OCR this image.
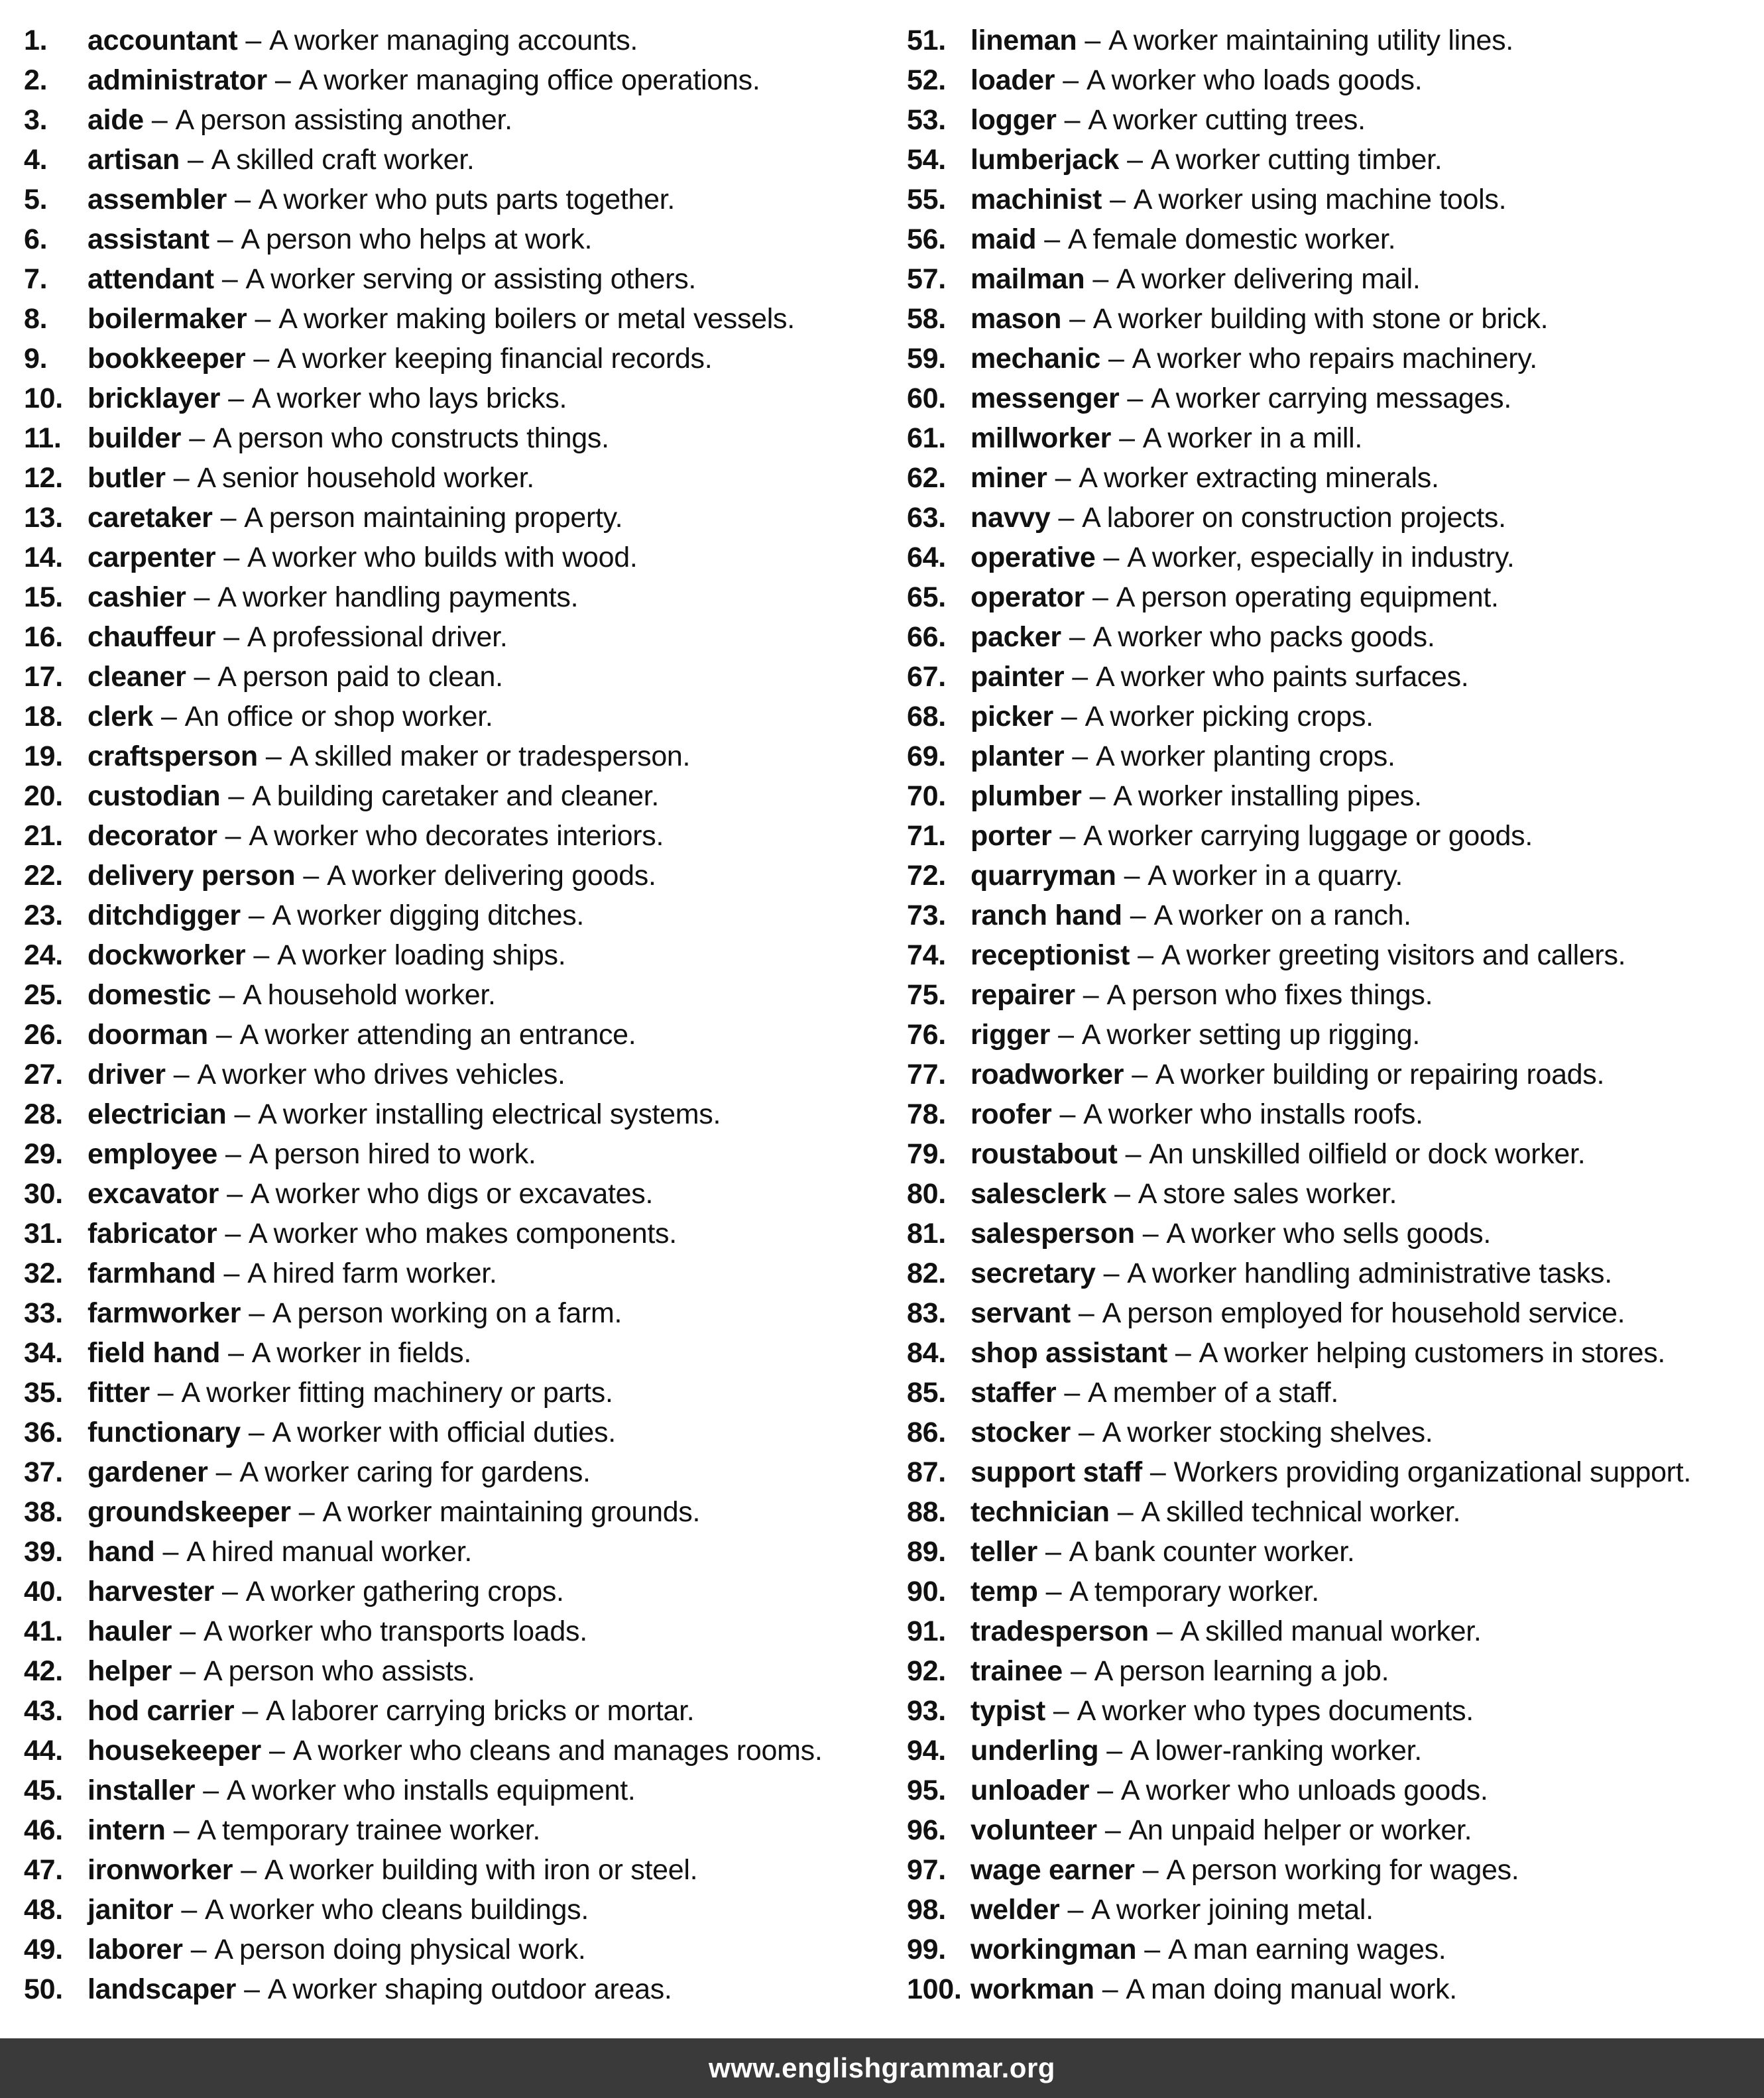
1. accountant – A worker managing accounts.
2. administrator – A worker managing office operations.
3. aide – A person assisting another.
4. artisan – A skilled craft worker.
5. assembler – A worker who puts parts together.
6. assistant – A person who helps at work.
7. attendant – A worker serving or assisting others.
8. boilermaker – A worker making boilers or metal vessels.
9. bookkeeper – A worker keeping financial records.
10. bricklayer – A worker who lays bricks.
11. builder – A person who constructs things.
12. butler – A senior household worker.
13. caretaker – A person maintaining property.
14. carpenter – A worker who builds with wood.
15. cashier – A worker handling payments.
16. chauffeur – A professional driver.
17. cleaner – A person paid to clean.
18. clerk – An office or shop worker.
19. craftsperson – A skilled maker or tradesperson.
20. custodian – A building caretaker and cleaner.
21. decorator – A worker who decorates interiors.
22. delivery person – A worker delivering goods.
23. ditchdigger – A worker digging ditches.
24. dockworker – A worker loading ships.
25. domestic – A household worker.
26. doorman – A worker attending an entrance.
27. driver – A worker who drives vehicles.
28. electrician – A worker installing electrical systems.
29. employee – A person hired to work.
30. excavator – A worker who digs or excavates.
31. fabricator – A worker who makes components.
32. farmhand – A hired farm worker.
33. farmworker – A person working on a farm.
34. field hand – A worker in fields.
35. fitter – A worker fitting machinery or parts.
36. functionary – A worker with official duties.
37. gardener – A worker caring for gardens.
38. groundskeeper – A worker maintaining grounds.
39. hand – A hired manual worker.
40. harvester – A worker gathering crops.
41. hauler – A worker who transports loads.
42. helper – A person who assists.
43. hod carrier – A laborer carrying bricks or mortar.
44. housekeeper – A worker who cleans and manages rooms.
45. installer – A worker who installs equipment.
46. intern – A temporary trainee worker.
47. ironworker – A worker building with iron or steel.
48. janitor – A worker who cleans buildings.
49. laborer – A person doing physical work.
50. landscaper – A worker shaping outdoor areas.
51. lineman – A worker maintaining utility lines.
52. loader – A worker who loads goods.
53. logger – A worker cutting trees.
54. lumberjack – A worker cutting timber.
55. machinist – A worker using machine tools.
56. maid – A female domestic worker.
57. mailman – A worker delivering mail.
58. mason – A worker building with stone or brick.
59. mechanic – A worker who repairs machinery.
60. messenger – A worker carrying messages.
61. millworker – A worker in a mill.
62. miner – A worker extracting minerals.
63. navvy – A laborer on construction projects.
64. operative – A worker, especially in industry.
65. operator – A person operating equipment.
66. packer – A worker who packs goods.
67. painter – A worker who paints surfaces.
68. picker – A worker picking crops.
69. planter – A worker planting crops.
70. plumber – A worker installing pipes.
71. porter – A worker carrying luggage or goods.
72. quarryman – A worker in a quarry.
73. ranch hand – A worker on a ranch.
74. receptionist – A worker greeting visitors and callers.
75. repairer – A person who fixes things.
76. rigger – A worker setting up rigging.
77. roadworker – A worker building or repairing roads.
78. roofer – A worker who installs roofs.
79. roustabout – An unskilled oilfield or dock worker.
80. salesclerk – A store sales worker.
81. salesperson – A worker who sells goods.
82. secretary – A worker handling administrative tasks.
83. servant – A person employed for household service.
84. shop assistant – A worker helping customers in stores.
85. staffer – A member of a staff.
86. stocker – A worker stocking shelves.
87. support staff – Workers providing organizational support.
88. technician – A skilled technical worker.
89. teller – A bank counter worker.
90. temp – A temporary worker.
91. tradesperson – A skilled manual worker.
92. trainee – A person learning a job.
93. typist – A worker who types documents.
94. underling – A lower-ranking worker.
95. unloader – A worker who unloads goods.
96. volunteer – An unpaid helper or worker.
97. wage earner – A person working for wages.
98. welder – A worker joining metal.
99. workingman – A man earning wages.
100. workman – A man doing manual work.
www.englishgrammar.org
